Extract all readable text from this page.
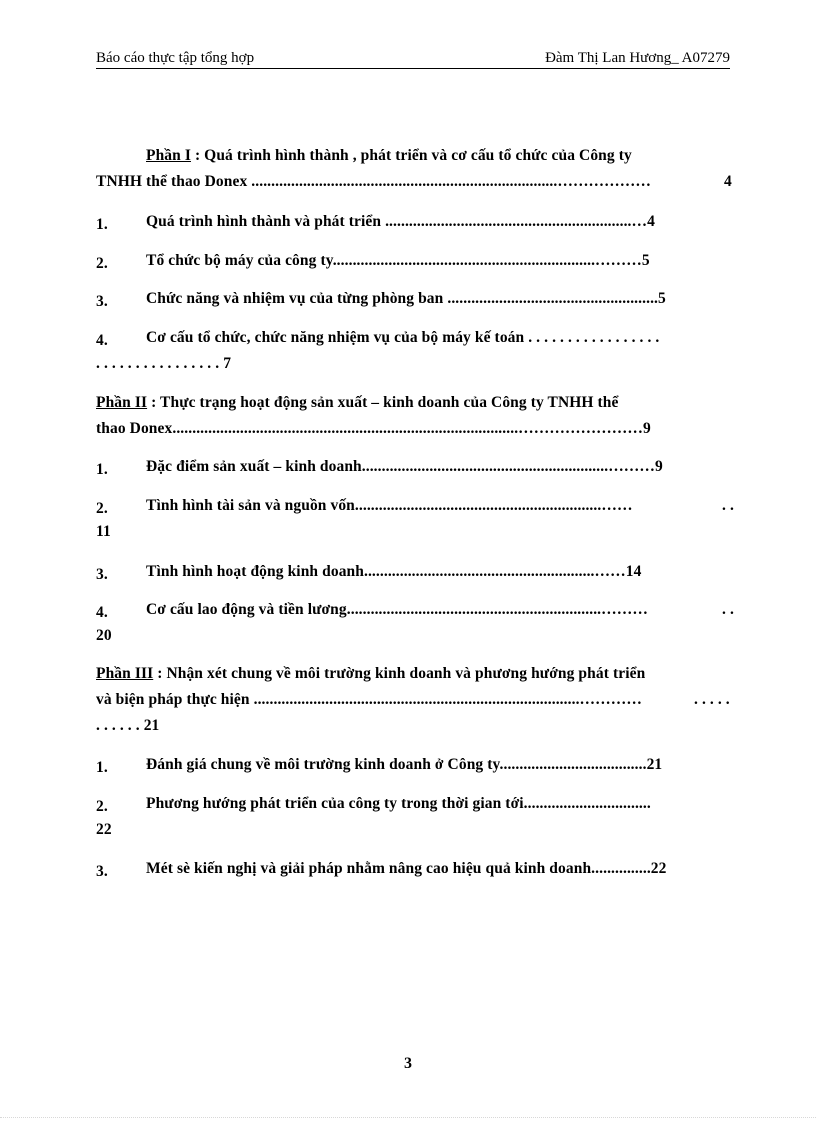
Báo cáo thực tập tổng hợp	Đàm Thị Lan Hương_ A07279
Phần I : Quá trình hình thành , phát triển và cơ cấu tổ chức của Công ty
TNHH thể thao Donex .............................................................................………………	4
1. Quá trình hình thành và phát triển ..............................................................…4
2. Tổ chức bộ máy của công ty..................................................................………5
3. Chức năng và nhiệm vụ của từng phòng ban .....................................................5
4. Cơ cấu tổ chức, chức năng nhiệm vụ của bộ máy kế toán . . . . . . . . . . . . . . . . .
. . . . . . . . . . . . . . . . 7
Phần II : Thực trạng hoạt động sản xuất – kinh doanh của Công ty TNHH thể
thao Donex.......................................................................................……………………9
1. Đặc điểm sản xuất – kinh doanh..............................................................………9
2. Tình hình tài sản và nguồn vốn..............................................................……	. .
11
3. Tình hình hoạt động kinh doanh..........................................................……14
4. Cơ cấu lao động và tiền lương................................................................………	. .
20
Phần III : Nhận xét chung về môi trường kinh doanh và phương hướng phát triển
và biện pháp thực hiện ..................................................................................…………	. . . . .
. . . . . . 21
1. Đánh giá chung về môi trường kinh doanh ở Công ty.....................................21
2. Phương hướng phát triển của công ty trong thời gian tới................................
22
3. Mét sè kiến nghị và giải pháp nhằm nâng cao hiệu quả kinh doanh...............22
3
